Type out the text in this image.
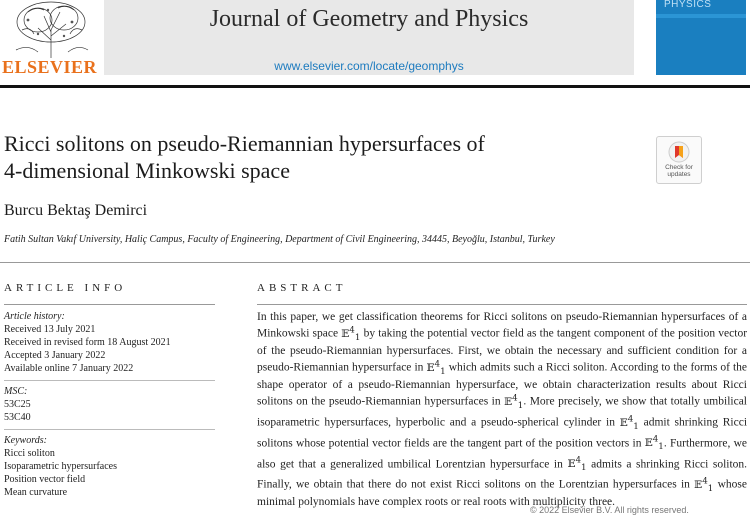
ELSEVIER
Journal of Geometry and Physics
www.elsevier.com/locate/geomphys
PHYSICS
Ricci solitons on pseudo-Riemannian hypersurfaces of
4-dimensional Minkowski space	Check for updates
Burcu Bektaş Demirci
Fatih Sultan Vakıf University, Haliç Campus, Faculty of Engineering, Department of Civil Engineering, 34445, Beyoğlu, Istanbul, Turkey
ARTICLE INFO
Article history:
Received 13 July 2021
Received in revised form 18 August 2021
Accepted 3 January 2022
Available online 7 January 2022
MSC:
53C25
53C40
Keywords:
Ricci soliton
Isoparametric hypersurfaces
Position vector field
Mean curvature
ABSTRACT
In this paper, we get classification theorems for Ricci solitons on pseudo-Riemannian hypersurfaces of a Minkowski space 𝔼$^4_1$ by taking the potential vector field as the tangent component of the position vector of the pseudo-Riemannian hypersurfaces. First, we obtain the necessary and sufficient condition for a pseudo-Riemannian hypersurface in 𝔼$^4_1$ which admits such a Ricci soliton. According to the forms of the shape operator of a pseudo-Riemannian hypersurface, we obtain characterization results about Ricci solitons on the pseudo-Riemannian hypersurfaces in 𝔼$^4_1$. More precisely, we show that totally umbilical isoparametric hypersurfaces, hyperbolic and a pseudo-spherical cylinder in 𝔼$^4_1$ admit shrinking Ricci solitons whose potential vector fields are the tangent part of the position vectors in 𝔼$^4_1$. Furthermore, we also get that a generalized umbilical Lorentzian hypersurface in 𝔼$^4_1$ admits a shrinking Ricci soliton. Finally, we obtain that there do not exist Ricci solitons on the Lorentzian hypersurfaces in 𝔼$^4_1$ whose minimal polynomials have complex roots or real roots with multiplicity three.
© 2022 Elsevier B.V. All rights reserved.
